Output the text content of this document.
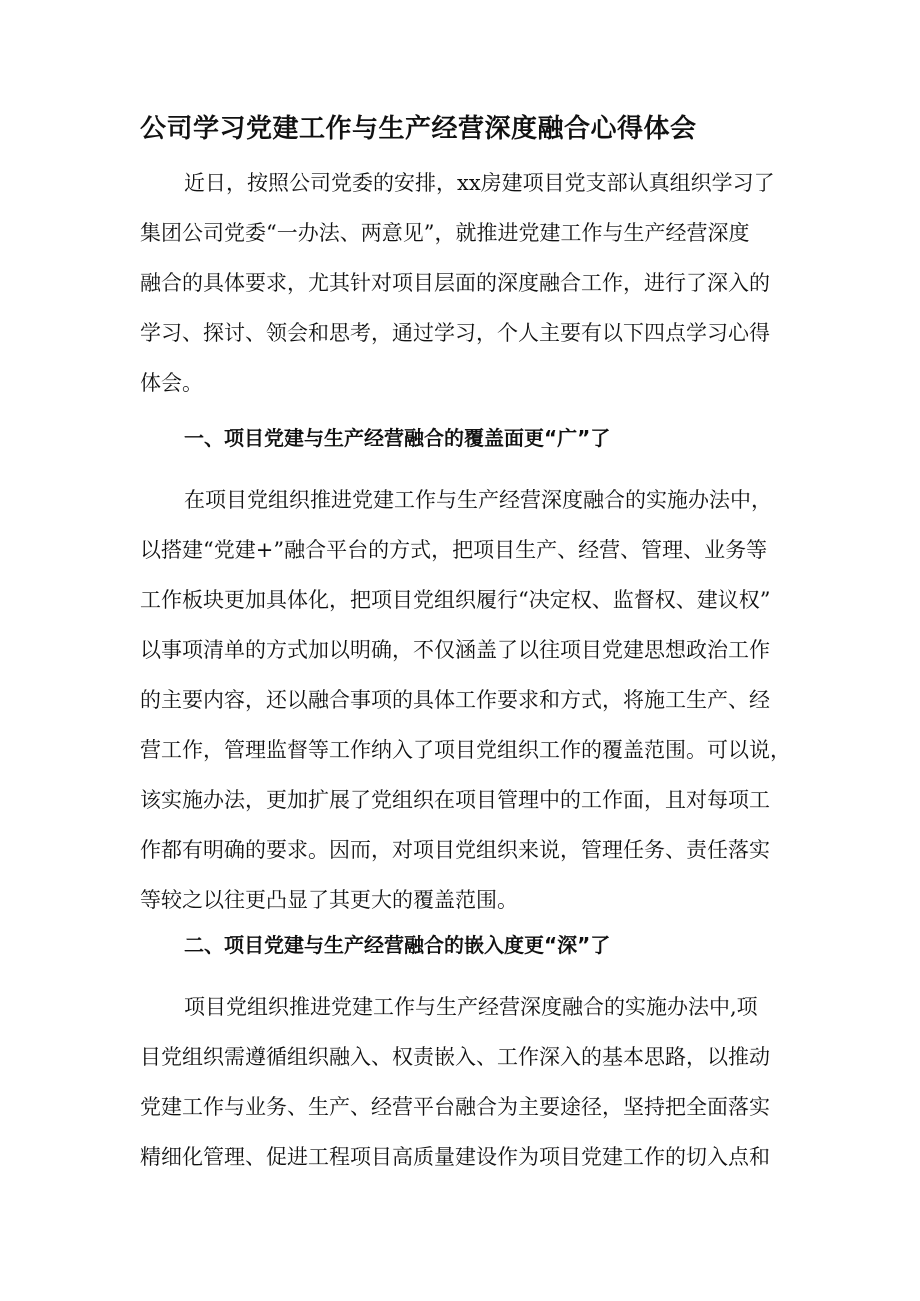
公司学习党建工作与生产经营深度融合心得体会
近日，按照公司党委的安排，xx房建项目党支部认真组织学习了
集团公司党委“一办法、两意见”，就推进党建工作与生产经营深度
融合的具体要求，尤其针对项目层面的深度融合工作，进行了深入的
学习、探讨、领会和思考，通过学习，个人主要有以下四点学习心得
体会。
一、项目党建与生产经营融合的覆盖面更“广”了
在项目党组织推进党建工作与生产经营深度融合的实施办法中，
以搭建“党建+”融合平台的方式，把项目生产、经营、管理、业务等
工作板块更加具体化，把项目党组织履行“决定权、监督权、建议权”
以事项清单的方式加以明确，不仅涵盖了以往项目党建思想政治工作
的主要内容，还以融合事项的具体工作要求和方式，将施工生产、经
营工作，管理监督等工作纳入了项目党组织工作的覆盖范围。可以说，
该实施办法，更加扩展了党组织在项目管理中的工作面，且对每项工
作都有明确的要求。因而，对项目党组织来说，管理任务、责任落实
等较之以往更凸显了其更大的覆盖范围。
二、项目党建与生产经营融合的嵌入度更“深”了
项目党组织推进党建工作与生产经营深度融合的实施办法中,项
目党组织需遵循组织融入、权责嵌入、工作深入的基本思路，以推动
党建工作与业务、生产、经营平台融合为主要途径，坚持把全面落实
精细化管理、促进工程项目高质量建设作为项目党建工作的切入点和
